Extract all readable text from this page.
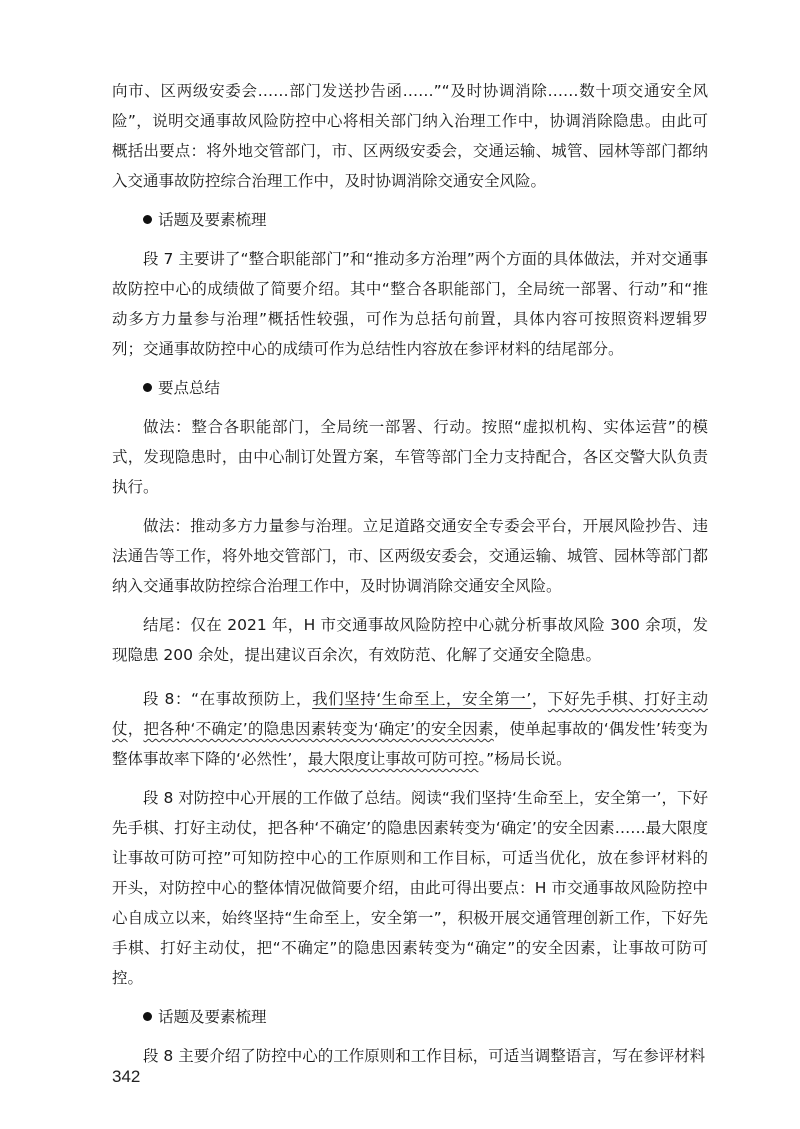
向市、区两级安委会……部门发送抄告函……”“及时协调消除……数十项交通安全风险”，说明交通事故风险防控中心将相关部门纳入治理工作中，协调消除隐患。由此可概括出要点：将外地交管部门，市、区两级安委会，交通运输、城管、园林等部门都纳入交通事故防控综合治理工作中，及时协调消除交通安全风险。

话题及要素梳理

段 7 主要讲了“整合职能部门”和“推动多方治理”两个方面的具体做法，并对交通事故防控中心的成绩做了简要介绍。其中“整合各职能部门，全局统一部署、行动”和“推动多方力量参与治理”概括性较强，可作为总括句前置，具体内容可按照资料逻辑罗列；交通事故防控中心的成绩可作为总结性内容放在参评材料的结尾部分。

要点总结

做法：整合各职能部门，全局统一部署、行动。按照“虚拟机构、实体运营”的模式，发现隐患时，由中心制订处置方案，车管等部门全力支持配合，各区交警大队负责执行。

做法：推动多方力量参与治理。立足道路交通安全专委会平台，开展风险抄告、违法通告等工作，将外地交管部门，市、区两级安委会，交通运输、城管、园林等部门都纳入交通事故防控综合治理工作中，及时协调消除交通安全风险。

结尾：仅在 2021 年，H 市交通事故风险防控中心就分析事故风险 300 余项，发现隐患 200 余处，提出建议百余次，有效防范、化解了交通安全隐患。

段 8：“在事故预防上，我们坚持‘生命至上，安全第一’，下好先手棋、打好主动仗，把各种‘不确定’的隐患因素转变为‘确定’的安全因素，使单起事故的‘偶发性’转变为整体事故率下降的‘必然性’，最大限度让事故可防可控。”杨局长说。

段 8 对防控中心开展的工作做了总结。阅读“我们坚持‘生命至上，安全第一’，下好先手棋、打好主动仗，把各种‘不确定’的隐患因素转变为‘确定’的安全因素……最大限度让事故可防可控”可知防控中心的工作原则和工作目标，可适当优化，放在参评材料的开头，对防控中心的整体情况做简要介绍，由此可得出要点：H 市交通事故风险防控中心自成立以来，始终坚持“生命至上，安全第一”，积极开展交通管理创新工作，下好先手棋、打好主动仗，把“不确定”的隐患因素转变为“确定”的安全因素，让事故可防可控。

话题及要素梳理

段 8 主要介绍了防控中心的工作原则和工作目标，可适当调整语言，写在参评材料

342
